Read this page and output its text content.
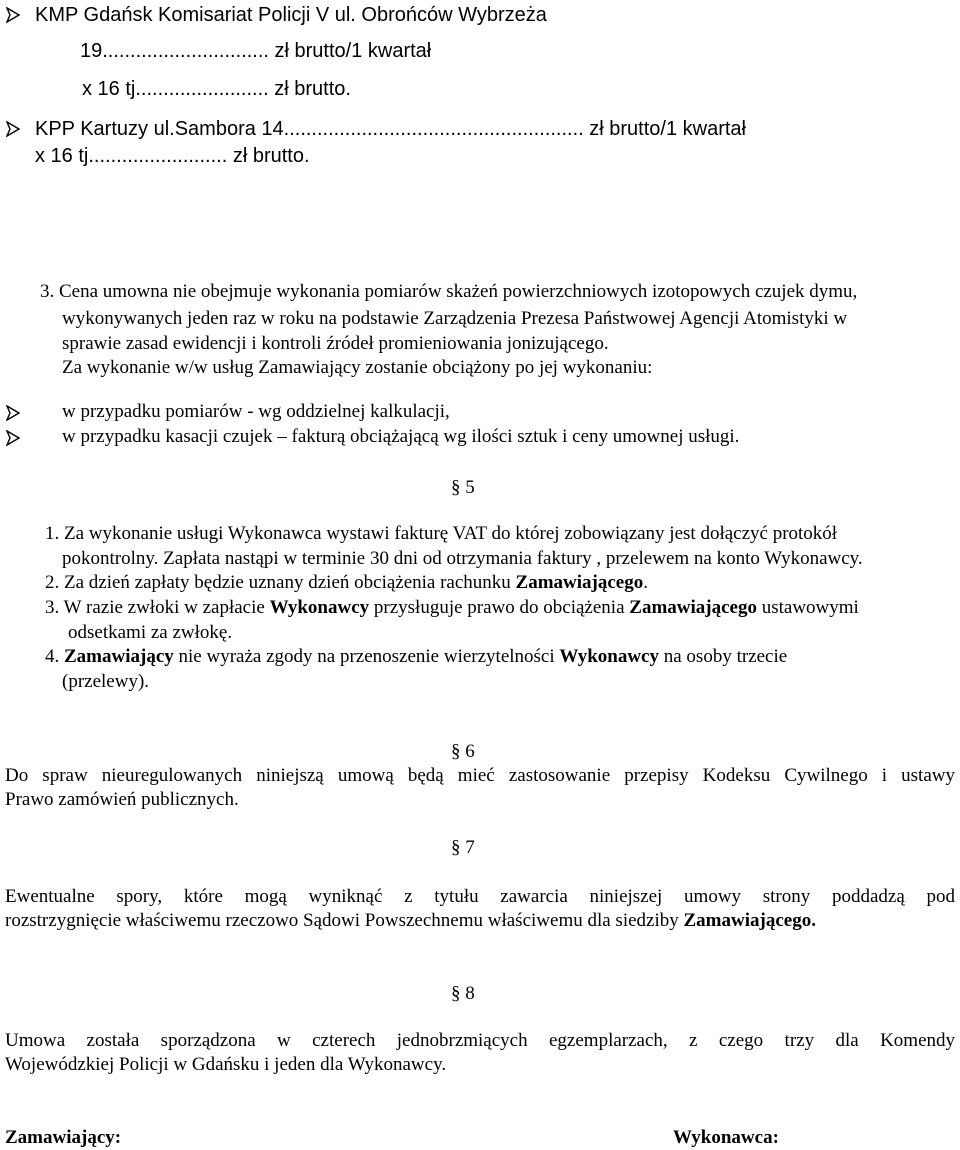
KMP Gdańsk Komisariat Policji V ul. Obrońców Wybrzeża
19.............................. zł brutto/1 kwartał
x 16 tj........................ zł brutto.
KPP Kartuzy ul.Sambora 14...................................................... zł brutto/1 kwartał
x 16 tj......................... zł brutto.
3. Cena umowna nie obejmuje wykonania pomiarów skażeń powierzchniowych izotopowych czujek dymu,
wykonywanych jeden raz w roku na podstawie Zarządzenia Prezesa Państwowej Agencji Atomistyki w
sprawie zasad ewidencji i kontroli źródeł promieniowania jonizującego.
Za wykonanie w/w usług Zamawiający zostanie obciążony po jej wykonaniu:
w przypadku pomiarów - wg oddzielnej kalkulacji,
w przypadku kasacji czujek – fakturą obciążającą wg ilości sztuk i ceny umownej usługi.
§ 5
1. Za wykonanie usługi Wykonawca wystawi fakturę VAT do której zobowiązany jest dołączyć protokół
pokontrolny. Zapłata nastąpi w terminie 30 dni od otrzymania faktury , przelewem na konto Wykonawcy.
2. Za dzień zapłaty będzie uznany dzień obciążenia rachunku Zamawiającego.
3. W razie zwłoki w zapłacie Wykonawcy przysługuje prawo do obciążenia Zamawiającego ustawowymi
odsetkami za zwłokę.
4. Zamawiający nie wyraża zgody na przenoszenie wierzytelności Wykonawcy na osoby trzecie
(przelewy).
§ 6
Do spraw nieuregulowanych niniejszą umową będą mieć zastosowanie przepisy Kodeksu Cywilnego i ustawy
Prawo zamówień publicznych.
§ 7
Ewentualne spory, które mogą wyniknąć z tytułu zawarcia niniejszej umowy strony poddadzą pod
rozstrzygnięcie właściwemu rzeczowo Sądowi Powszechnemu właściwemu dla siedziby Zamawiającego.
§ 8
Umowa została sporządzona w czterech jednobrzmiących egzemplarzach, z czego trzy dla Komendy
Wojewódzkiej Policji w Gdańsku i jeden dla Wykonawcy.
Zamawiający:	Wykonawca:
